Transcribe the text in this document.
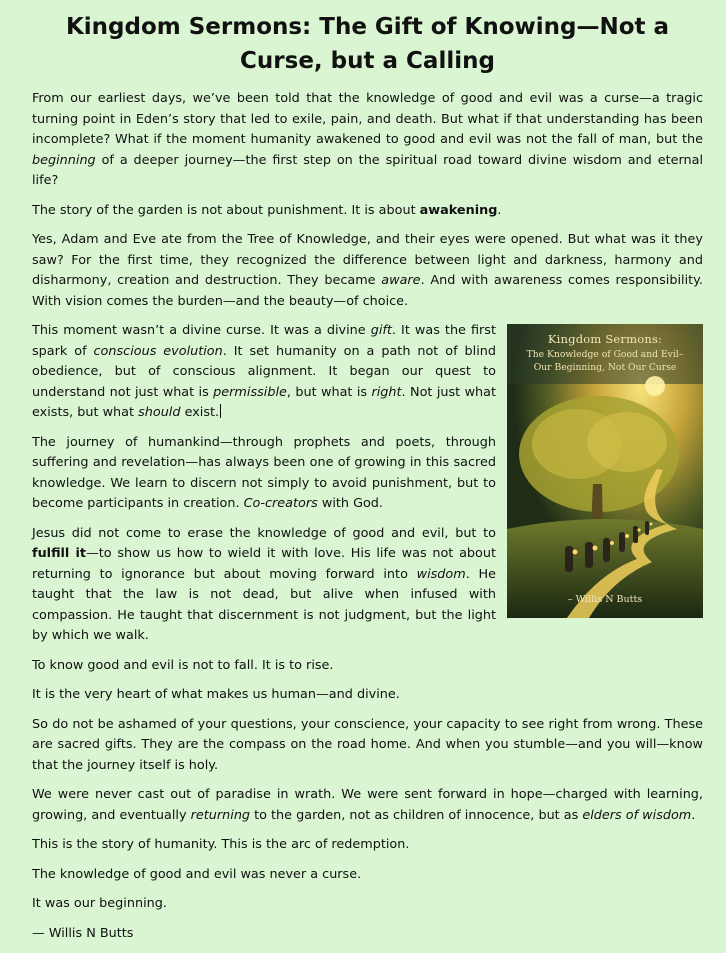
Kingdom Sermons: The Gift of Knowing—Not a Curse, but a Calling

From our earliest days, we’ve been told that the knowledge of good and evil was a curse—a tragic turning point in Eden’s story that led to exile, pain, and death. But what if that understanding has been incomplete? What if the moment humanity awakened to good and evil was not the fall of man, but the beginning of a deeper journey—the first step on the spiritual road toward divine wisdom and eternal life?

The story of the garden is not about punishment. It is about awakening.

Yes, Adam and Eve ate from the Tree of Knowledge, and their eyes were opened. But what was it they saw? For the first time, they recognized the difference between light and darkness, harmony and disharmony, creation and destruction. They became aware. And with awareness comes responsibility. With vision comes the burden—and the beauty—of choice.

Kingdom Sermons:
The Knowledge of Good and Evil–
Our Beginning, Not Our Curse
– Willis N Butts

This moment wasn’t a divine curse. It was a divine gift. It was the first spark of conscious evolution. It set humanity on a path not of blind obedience, but of conscious alignment. It began our quest to understand not just what is permissible, but what is right. Not just what exists, but what should exist.

The journey of humankind—through prophets and poets, through suffering and revelation—has always been one of growing in this sacred knowledge. We learn to discern not simply to avoid punishment, but to become participants in creation. Co-creators with God.

Jesus did not come to erase the knowledge of good and evil, but to fulfill it—to show us how to wield it with love. His life was not about returning to ignorance but about moving forward into wisdom. He taught that the law is not dead, but alive when infused with compassion. He taught that discernment is not judgment, but the light by which we walk.

To know good and evil is not to fall. It is to rise.

It is the very heart of what makes us human—and divine.

So do not be ashamed of your questions, your conscience, your capacity to see right from wrong. These are sacred gifts. They are the compass on the road home. And when you stumble—and you will—know that the journey itself is holy.

We were never cast out of paradise in wrath. We were sent forward in hope—charged with learning, growing, and eventually returning to the garden, not as children of innocence, but as elders of wisdom.

This is the story of humanity. This is the arc of redemption.

The knowledge of good and evil was never a curse.

It was our beginning.

— Willis N Butts
